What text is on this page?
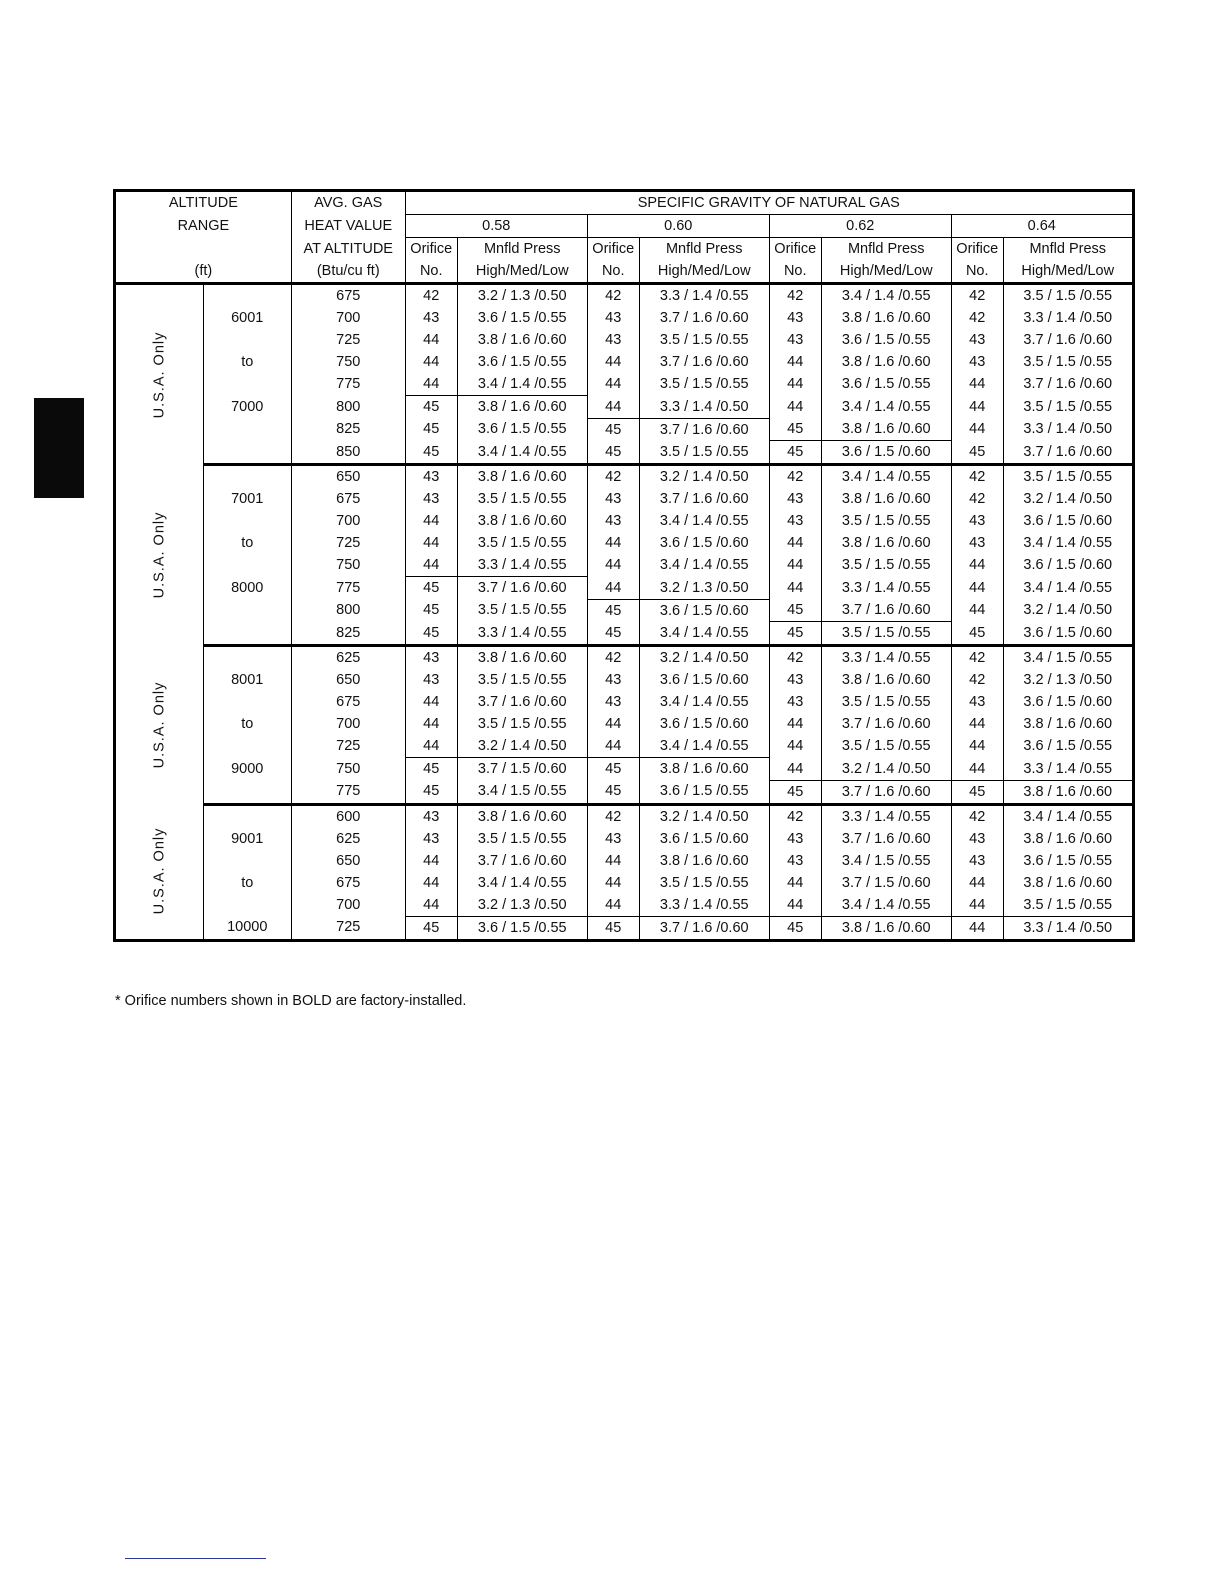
ALTITUDE		AVG. GAS	SPECIFIC GRAVITY OF NATURAL GAS							
RANGE		HEAT VALUE	0.58		0.60		0.62		0.64	
		AT ALTITUDE	Orifice	Mnfld Press	Orifice	Mnfld Press	Orifice	Mnfld Press	Orifice	Mnfld Press
(ft)		(Btu/cu ft)	No.	High/Med/Low	No.	High/Med/Low	No.	High/Med/Low	No.	High/Med/Low
U.S.A. Only		675	42	3.2 / 1.3 /0.50	42	3.3 / 1.4 /0.55	42	3.4 / 1.4 /0.55	42	3.5 / 1.5 /0.55
	6001	700	43	3.6 / 1.5 /0.55	43	3.7 / 1.6 /0.60	43	3.8 / 1.6 /0.60	42	3.3 / 1.4 /0.50
		725	44	3.8 / 1.6 /0.60	43	3.5 / 1.5 /0.55	43	3.6 / 1.5 /0.55	43	3.7 / 1.6 /0.60
	to	750	44	3.6 / 1.5 /0.55	44	3.7 / 1.6 /0.60	44	3.8 / 1.6 /0.60	43	3.5 / 1.5 /0.55
		775	44	3.4 / 1.4 /0.55	44	3.5 / 1.5 /0.55	44	3.6 / 1.5 /0.55	44	3.7 / 1.6 /0.60
	7000	800	45	3.8 / 1.6 /0.60	44	3.3 / 1.4 /0.50	44	3.4 / 1.4 /0.55	44	3.5 / 1.5 /0.55
		825	45	3.6 / 1.5 /0.55	45	3.7 / 1.6 /0.60	45	3.8 / 1.6 /0.60	44	3.3 / 1.4 /0.50
		850	45	3.4 / 1.4 /0.55	45	3.5 / 1.5 /0.55	45	3.6 / 1.5 /0.60	45	3.7 / 1.6 /0.60
U.S.A. Only		650	43	3.8 / 1.6 /0.60	42	3.2 / 1.4 /0.50	42	3.4 / 1.4 /0.55	42	3.5 / 1.5 /0.55
	7001	675	43	3.5 / 1.5 /0.55	43	3.7 / 1.6 /0.60	43	3.8 / 1.6 /0.60	42	3.2 / 1.4 /0.50
		700	44	3.8 / 1.6 /0.60	43	3.4 / 1.4 /0.55	43	3.5 / 1.5 /0.55	43	3.6 / 1.5 /0.60
	to	725	44	3.5 / 1.5 /0.55	44	3.6 / 1.5 /0.60	44	3.8 / 1.6 /0.60	43	3.4 / 1.4 /0.55
		750	44	3.3 / 1.4 /0.55	44	3.4 / 1.4 /0.55	44	3.5 / 1.5 /0.55	44	3.6 / 1.5 /0.60
	8000	775	45	3.7 / 1.6 /0.60	44	3.2 / 1.3 /0.50	44	3.3 / 1.4 /0.55	44	3.4 / 1.4 /0.55
		800	45	3.5 / 1.5 /0.55	45	3.6 / 1.5 /0.60	45	3.7 / 1.6 /0.60	44	3.2 / 1.4 /0.50
		825	45	3.3 / 1.4 /0.55	45	3.4 / 1.4 /0.55	45	3.5 / 1.5 /0.55	45	3.6 / 1.5 /0.60
U.S.A. Only		625	43	3.8 / 1.6 /0.60	42	3.2 / 1.4 /0.50	42	3.3 / 1.4 /0.55	42	3.4 / 1.5 /0.55
	8001	650	43	3.5 / 1.5 /0.55	43	3.6 / 1.5 /0.60	43	3.8 / 1.6 /0.60	42	3.2 / 1.3 /0.50
		675	44	3.7 / 1.6 /0.60	43	3.4 / 1.4 /0.55	43	3.5 / 1.5 /0.55	43	3.6 / 1.5 /0.60
	to	700	44	3.5 / 1.5 /0.55	44	3.6 / 1.5 /0.60	44	3.7 / 1.6 /0.60	44	3.8 / 1.6 /0.60
		725	44	3.2 / 1.4 /0.50	44	3.4 / 1.4 /0.55	44	3.5 / 1.5 /0.55	44	3.6 / 1.5 /0.55
	9000	750	45	3.7 / 1.5 /0.60	45	3.8 / 1.6 /0.60	44	3.2 / 1.4 /0.50	44	3.3 / 1.4 /0.55
		775	45	3.4 / 1.5 /0.55	45	3.6 / 1.5 /0.55	45	3.7 / 1.6 /0.60	45	3.8 / 1.6 /0.60
U.S.A. Only		600	43	3.8 / 1.6 /0.60	42	3.2 / 1.4 /0.50	42	3.3 / 1.4 /0.55	42	3.4 / 1.4 /0.55
	9001	625	43	3.5 / 1.5 /0.55	43	3.6 / 1.5 /0.60	43	3.7 / 1.6 /0.60	43	3.8 / 1.6 /0.60
		650	44	3.7 / 1.6 /0.60	44	3.8 / 1.6 /0.60	43	3.4 / 1.5 /0.55	43	3.6 / 1.5 /0.55
	to	675	44	3.4 / 1.4 /0.55	44	3.5 / 1.5 /0.55	44	3.7 / 1.5 /0.60	44	3.8 / 1.6 /0.60
		700	44	3.2 / 1.3 /0.50	44	3.3 / 1.4 /0.55	44	3.4 / 1.4 /0.55	44	3.5 / 1.5 /0.55
	10000	725	45	3.6 / 1.5 /0.55	45	3.7 / 1.6 /0.60	45	3.8 / 1.6 /0.60	44	3.3 / 1.4 /0.50
* Orifice numbers shown in BOLD are factory-installed.
